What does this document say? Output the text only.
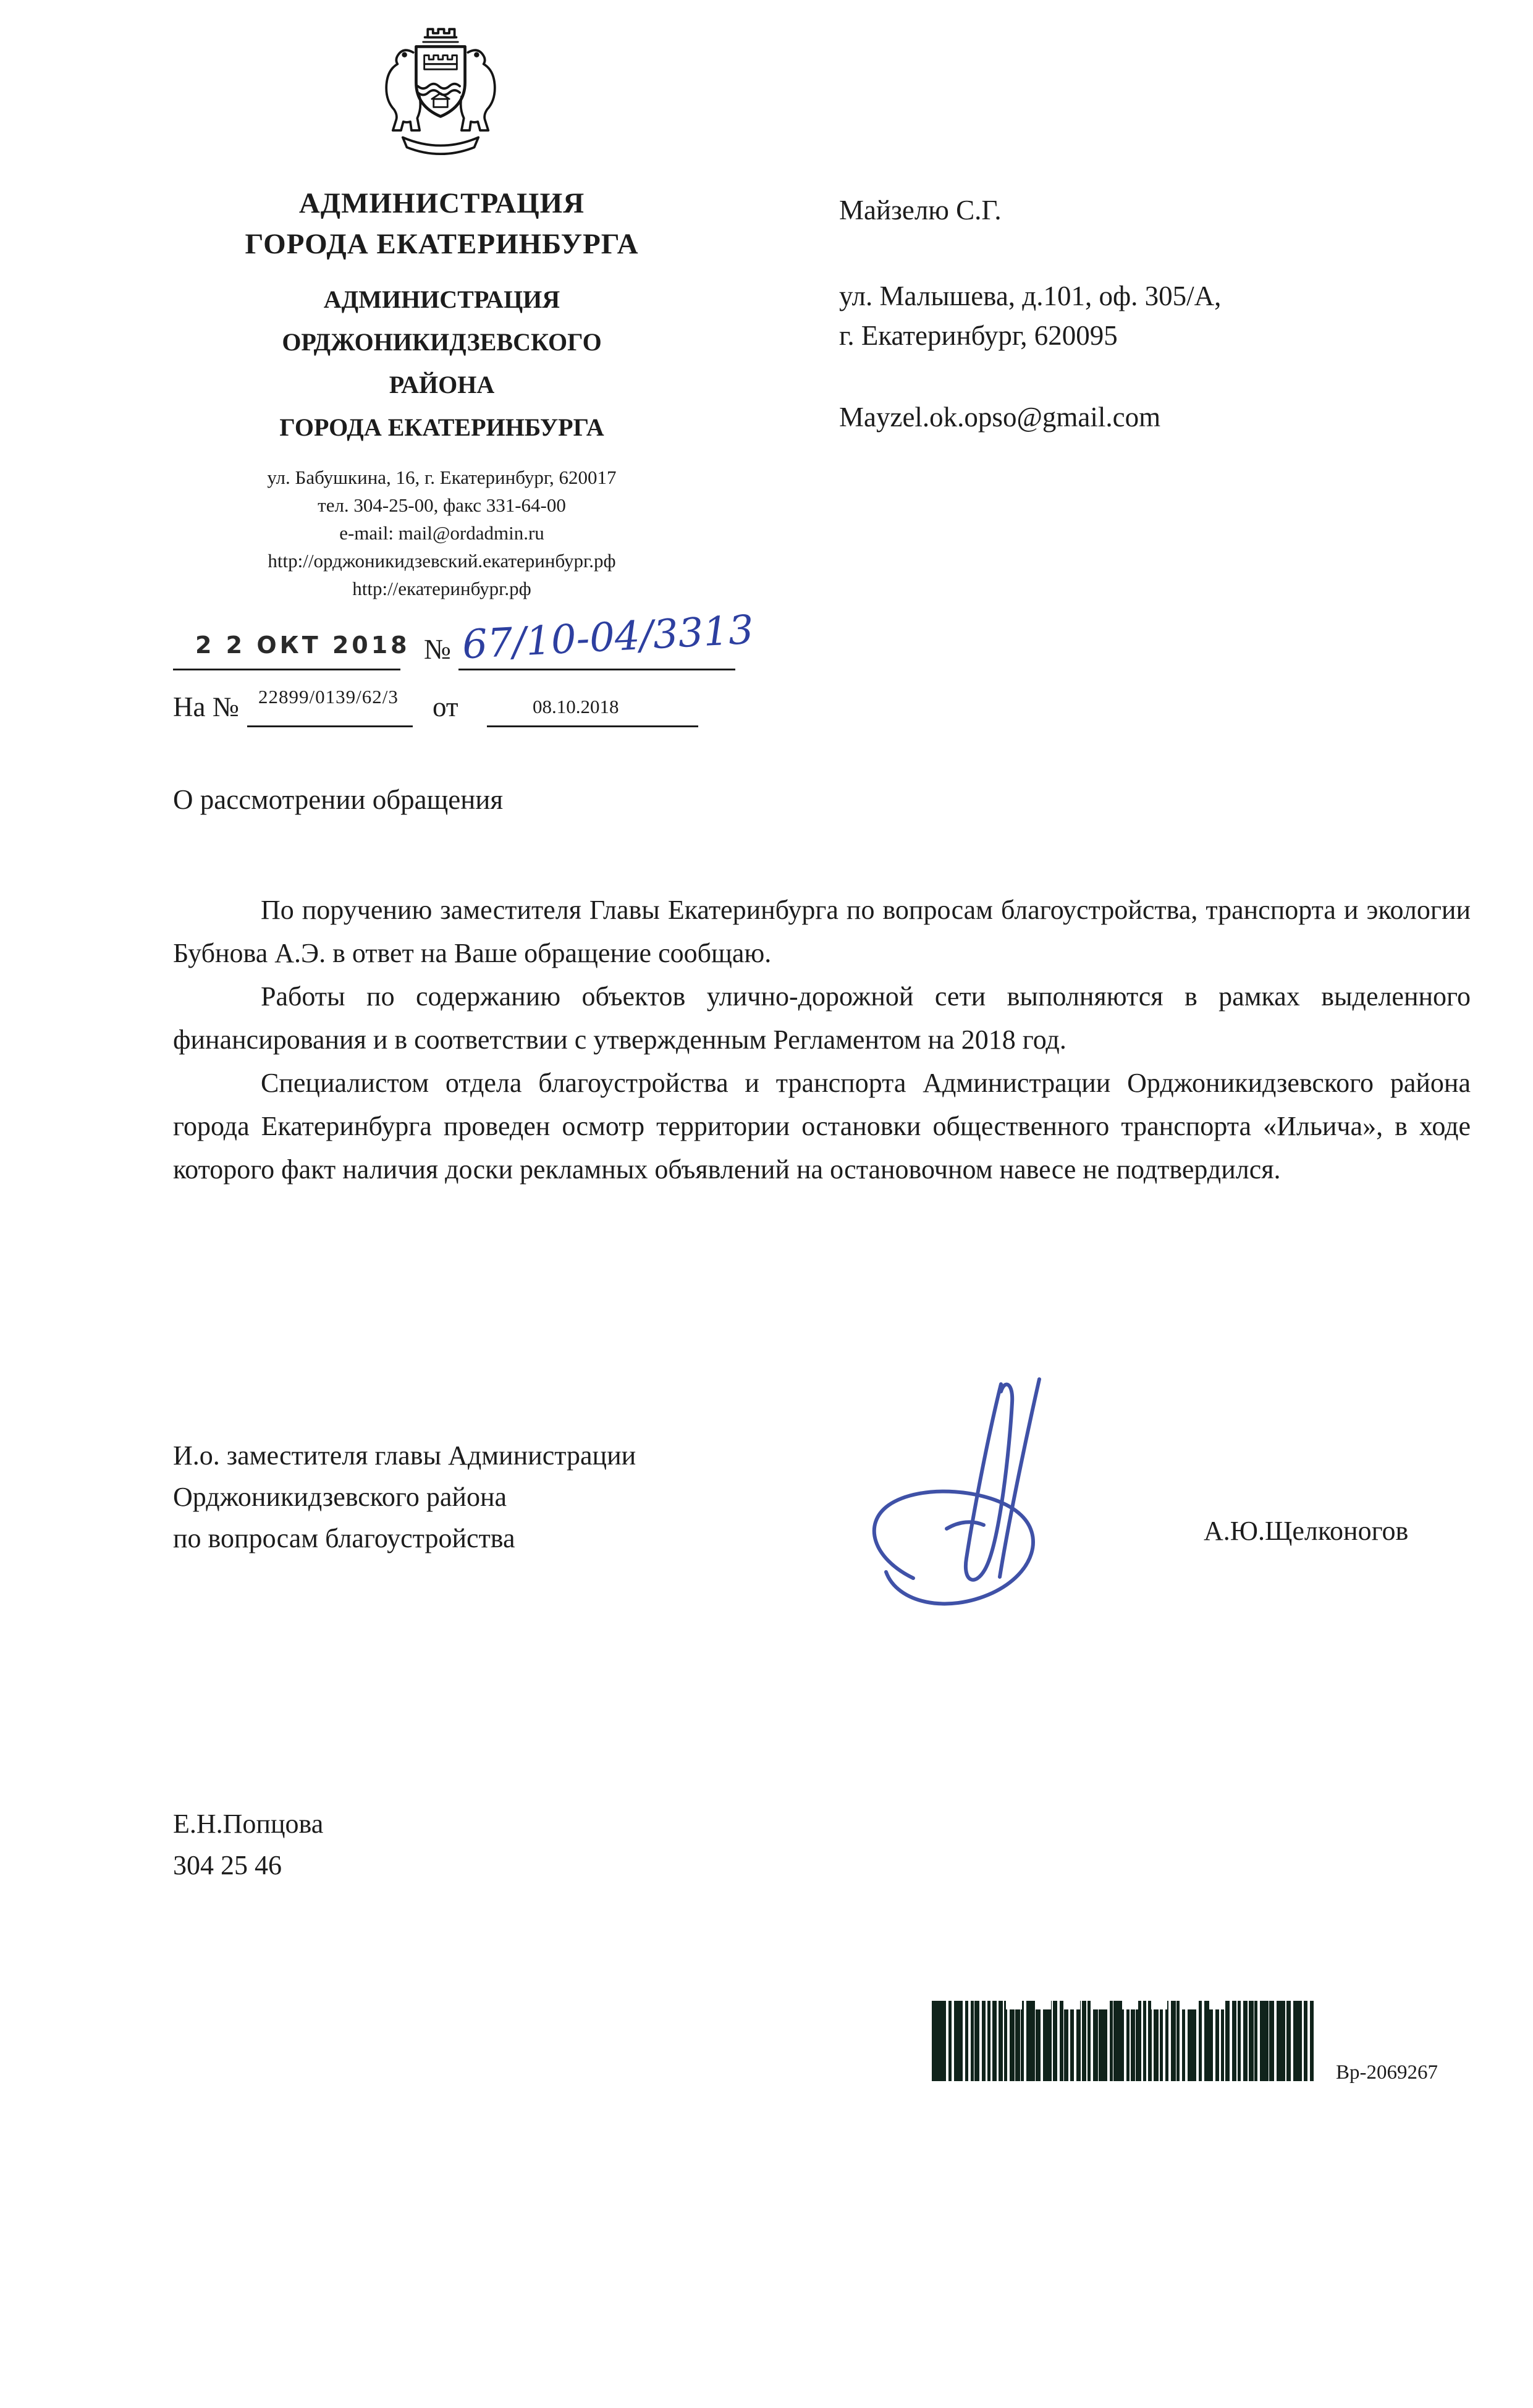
АДМИНИСТРАЦИЯ
ГОРОДА ЕКАТЕРИНБУРГА
АДМИНИСТРАЦИЯ
ОРДЖОНИКИДЗЕВСКОГО
РАЙОНА
ГОРОДА ЕКАТЕРИНБУРГА
ул. Бабушкина, 16, г. Екатеринбург, 620017
тел. 304-25-00, факс 331-64-00
e-mail: mail@ordadmin.ru
http://орджоникидзевский.екатеринбург.рф
http://екатеринбург.рф
Майзелю С.Г.
ул. Малышева, д.101, оф. 305/А,
г. Екатеринбург, 620095
Mayzel.ok.opso@gmail.com
2 2 ОКТ 2018 № 67/10-04/3313
На № 22899/0139/62/3 от	08.10.2018
О рассмотрении обращения

По поручению заместителя Главы Екатеринбурга по вопросам благоустройства, транспорта и экологии Бубнова А.Э. в ответ на Ваше обращение сообщаю.

Работы по содержанию объектов улично-дорожной сети выполняются в рамках выделенного финансирования и в соответствии с утвержденным Регламентом на 2018 год.

Специалистом отдела благоустройства и транспорта Администрации Орджоникидзевского района города Екатеринбурга проведен осмотр территории остановки общественного транспорта «Ильича», в ходе которого факт наличия доски рекламных объявлений на остановочном навесе не подтвердился.

И.о. заместителя главы Администрации
Орджоникидзевского района
по вопросам благоустройства	А.Ю.Щелконогов
Е.Н.Попцова
304 25 46
Вр-2069267
